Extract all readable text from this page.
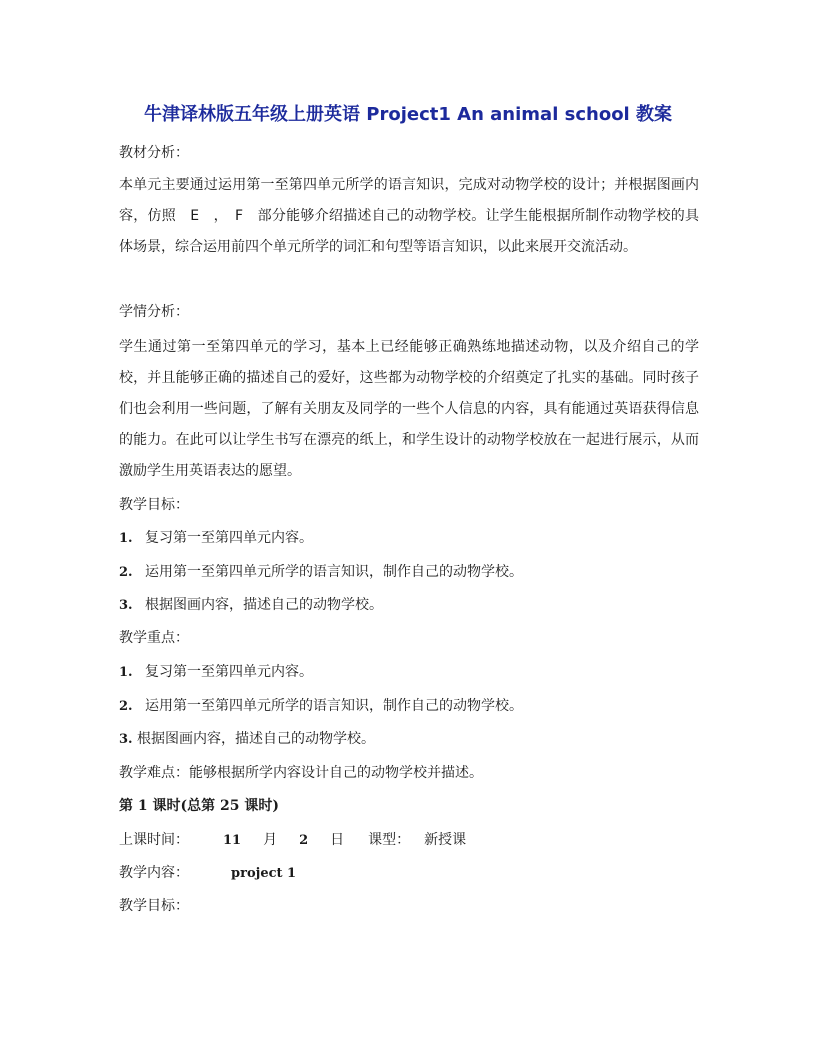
牛津译林版五年级上册英语 Project1 An animal school 教案
教材分析：
本单元主要通过运用第一至第四单元所学的语言知识，完成对动物学校的设计；并根据图画内容，仿照　E　，　F　部分能够介绍描述自己的动物学校。让学生能根据所制作动物学校的具体场景，综合运用前四个单元所学的词汇和句型等语言知识，以此来展开交流活动。
学情分析：
学生通过第一至第四单元的学习，基本上已经能够正确熟练地描述动物，以及介绍自己的学校，并且能够正确的描述自己的爱好，这些都为动物学校的介绍奠定了扎实的基础。同时孩子们也会利用一些问题，了解有关朋友及同学的一些个人信息的内容，具有能通过英语获得信息的能力。在此可以让学生书写在漂亮的纸上，和学生设计的动物学校放在一起进行展示，从而激励学生用英语表达的愿望。
教学目标：
1. 复习第一至第四单元内容。
2. 运用第一至第四单元所学的语言知识，制作自己的动物学校。
3. 根据图画内容，描述自己的动物学校。
教学重点：
1. 复习第一至第四单元内容。
2. 运用第一至第四单元所学的语言知识，制作自己的动物学校。
3. 根据图画内容，描述自己的动物学校。
教学难点：能够根据所学内容设计自己的动物学校并描述。
第 1 课时(总第 25 课时)
上课时间：	11 月 2 日 课型： 新授课
教学内容：	project 1
教学目标：
